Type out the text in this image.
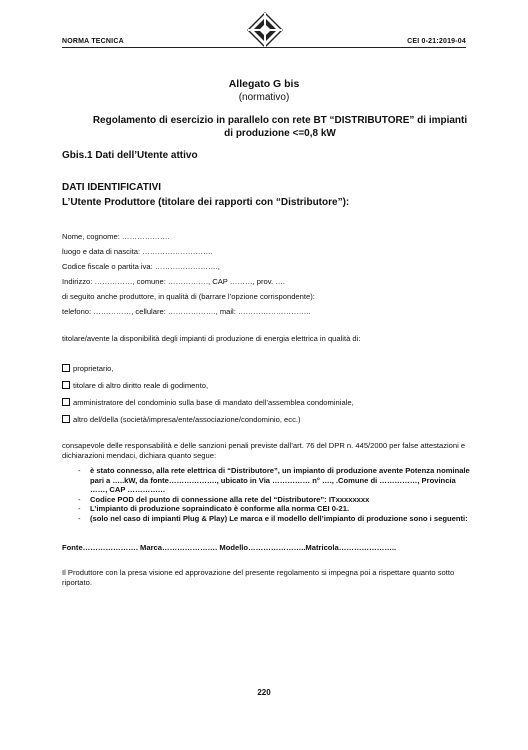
NORMA TECNICA	CEI 0-21:2019-04
Allegato G bis
(normativo)
Regolamento di esercizio in parallelo con rete BT “DISTRIBUTORE” di impianti di produzione <=0,8 kW
Gbis.1 Dati dell’Utente attivo
DATI IDENTIFICATIVI
L’Utente Produttore (titolare dei rapporti con “Distributore”):
Nome, cognome: ……………….
luogo e data di nascita: ……………………….
Codice fiscale o partita iva: …………………….,
Indirizzo: ……………, comune: ……………., CAP ………, prov. ….
di seguito anche produttore, in qualità di (barrare l’opzione corrispondente):
telefono: ……………, cellulare: ………………., mail: ………………………..
titolare/avente la disponibilità degli impianti di produzione di energia elettrica in qualità di:
proprietario,
titolare di altro diritto reale di godimento,
amministratore del condominio sulla base di mandato dell’assemblea condominiale,
altro del/della (società/impresa/ente/associazione/condominio, ecc.)
consapevole delle responsabilità e delle sanzioni penali previste dall’art. 76 del DPR n. 445/2000 per false attestazioni e dichiarazioni mendaci, dichiara quanto segue:
-	è stato connesso, alla rete elettrica di “Distributore”, un impianto di produzione avente Potenza nominale pari a …..kW, da fonte………………., ubicato in Via …………… n° …., .Comune di ……………, Provincia ……, CAP ……………
-	Codice POD del punto di connessione alla rete del “Distributore”: ITxxxxxxxx
-	L’impianto di produzione sopraindicato è conforme alla norma CEI 0-21.
-	(solo nel caso di impianti Plug & Play) Le marca e il modello dell’impianto di produzione sono i seguenti:
Fonte…………………. Marca…………………. Modello…………………..Matricola…………………..
Il Produttore con la presa visione ed approvazione del presente regolamento si impegna poi a rispettare quanto sotto riportato.
220
